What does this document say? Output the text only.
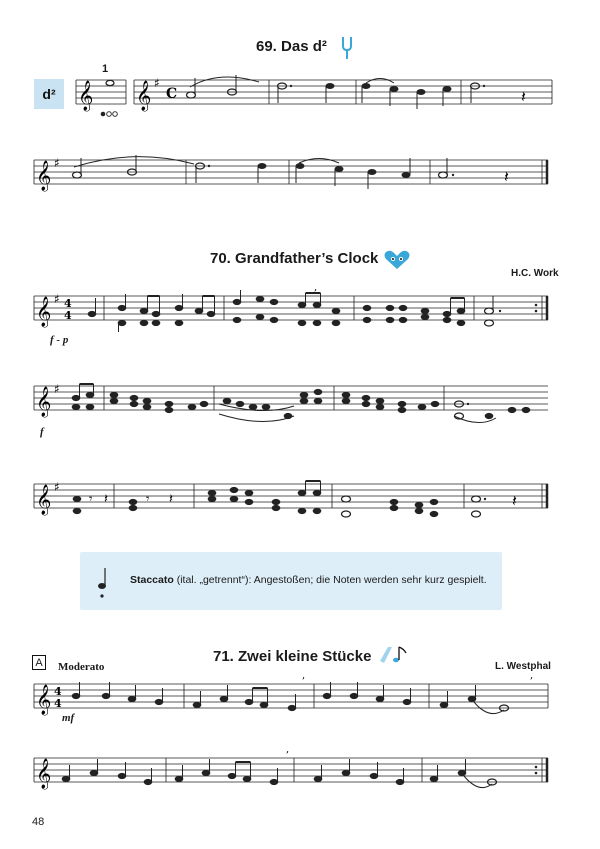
69. Das d²
d²
1
𝄞 𝄞 ♯
C	𝄽
𝄞 ♯
𝄽
70. Grandfather’s Clock
H.C. Work
𝄞 ♯ 4
4
,
f - p
𝄞 ♯
f
𝄞 ♯
𝄾 𝄽	𝄾 𝄽	𝄽
Staccato (ital. „getrennt“): Angestoßen; die Noten werden sehr kurz gespielt.
A Moderato
71. Zwei kleine Stücke
L. Westphal
𝄞 4
4
,	,
mf
𝄞
,
48
